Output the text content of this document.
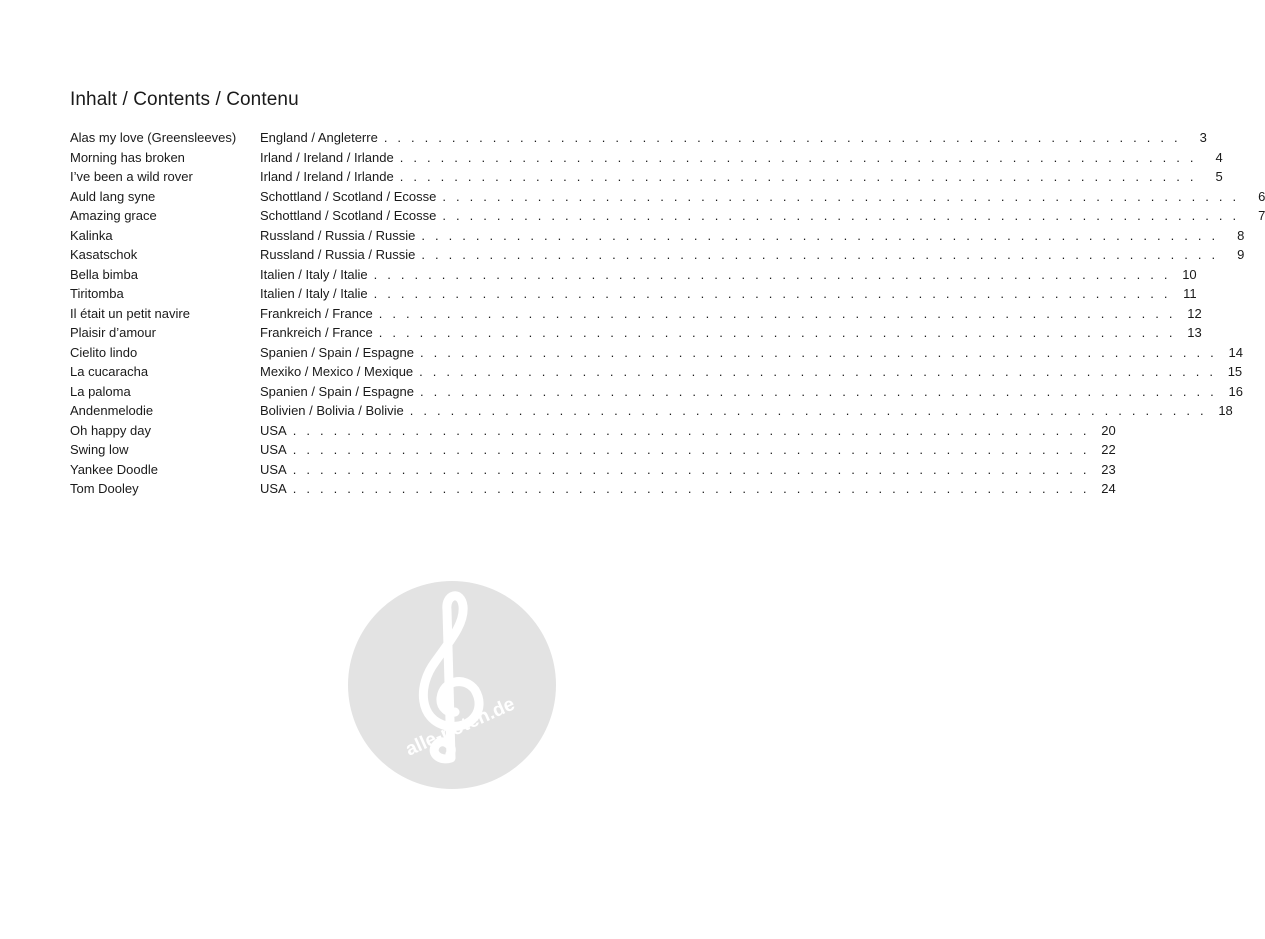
Inhalt / Contents / Contenu
Alas my love (Greensleeves)	England / Angleterre . . . . . . . . . . . . . . . . . . . . . . . . . . . . . . . . . . . . . . . . . . . . . . . . . . . . . . . . . . .	3
Morning has broken	Irland / Ireland / Irlande . . . . . . . . . . . . . . . . . . . . . . . . . . . . . . . . . . . . . . . . . . . . . . . . . . . . . . . . . . .	4
I’ve been a wild rover	Irland / Ireland / Irlande . . . . . . . . . . . . . . . . . . . . . . . . . . . . . . . . . . . . . . . . . . . . . . . . . . . . . . . . . . .	5
Auld lang syne	Schottland / Scotland / Ecosse . . . . . . . . . . . . . . . . . . . . . . . . . . . . . . . . . . . . . . . . . . . . . . . . . . . . . . . . . . .	6
Amazing grace	Schottland / Scotland / Ecosse . . . . . . . . . . . . . . . . . . . . . . . . . . . . . . . . . . . . . . . . . . . . . . . . . . . . . . . . . . .	7
Kalinka	Russland / Russia / Russie . . . . . . . . . . . . . . . . . . . . . . . . . . . . . . . . . . . . . . . . . . . . . . . . . . . . . . . . . . .	8
Kasatschok	Russland / Russia / Russie . . . . . . . . . . . . . . . . . . . . . . . . . . . . . . . . . . . . . . . . . . . . . . . . . . . . . . . . . . .	9
Bella bimba	Italien / Italy / Italie . . . . . . . . . . . . . . . . . . . . . . . . . . . . . . . . . . . . . . . . . . . . . . . . . . . . . . . . . . . 10
Tiritomba	Italien / Italy / Italie . . . . . . . . . . . . . . . . . . . . . . . . . . . . . . . . . . . . . . . . . . . . . . . . . . . . . . . . . . . 11
Il était un petit navire	Frankreich / France . . . . . . . . . . . . . . . . . . . . . . . . . . . . . . . . . . . . . . . . . . . . . . . . . . . . . . . . . . . 12
Plaisir d’amour	Frankreich / France . . . . . . . . . . . . . . . . . . . . . . . . . . . . . . . . . . . . . . . . . . . . . . . . . . . . . . . . . . . 13
Cielito lindo	Spanien / Spain / Espagne . . . . . . . . . . . . . . . . . . . . . . . . . . . . . . . . . . . . . . . . . . . . . . . . . . . . . . . . . . . 14
La cucaracha	Mexiko / Mexico / Mexique . . . . . . . . . . . . . . . . . . . . . . . . . . . . . . . . . . . . . . . . . . . . . . . . . . . . . . . . . . . 15
La paloma	Spanien / Spain / Espagne . . . . . . . . . . . . . . . . . . . . . . . . . . . . . . . . . . . . . . . . . . . . . . . . . . . . . . . . . . . 16
Andenmelodie	Bolivien / Bolivia / Bolivie . . . . . . . . . . . . . . . . . . . . . . . . . . . . . . . . . . . . . . . . . . . . . . . . . . . . . . . . . . . 18
Oh happy day	USA . . . . . . . . . . . . . . . . . . . . . . . . . . . . . . . . . . . . . . . . . . . . . . . . . . . . . . . . . . . 20
Swing low	USA . . . . . . . . . . . . . . . . . . . . . . . . . . . . . . . . . . . . . . . . . . . . . . . . . . . . . . . . . . . 22
Yankee Doodle	USA . . . . . . . . . . . . . . . . . . . . . . . . . . . . . . . . . . . . . . . . . . . . . . . . . . . . . . . . . . . 23
Tom Dooley	USA . . . . . . . . . . . . . . . . . . . . . . . . . . . . . . . . . . . . . . . . . . . . . . . . . . . . . . . . . . . 24
alle-noten.de
